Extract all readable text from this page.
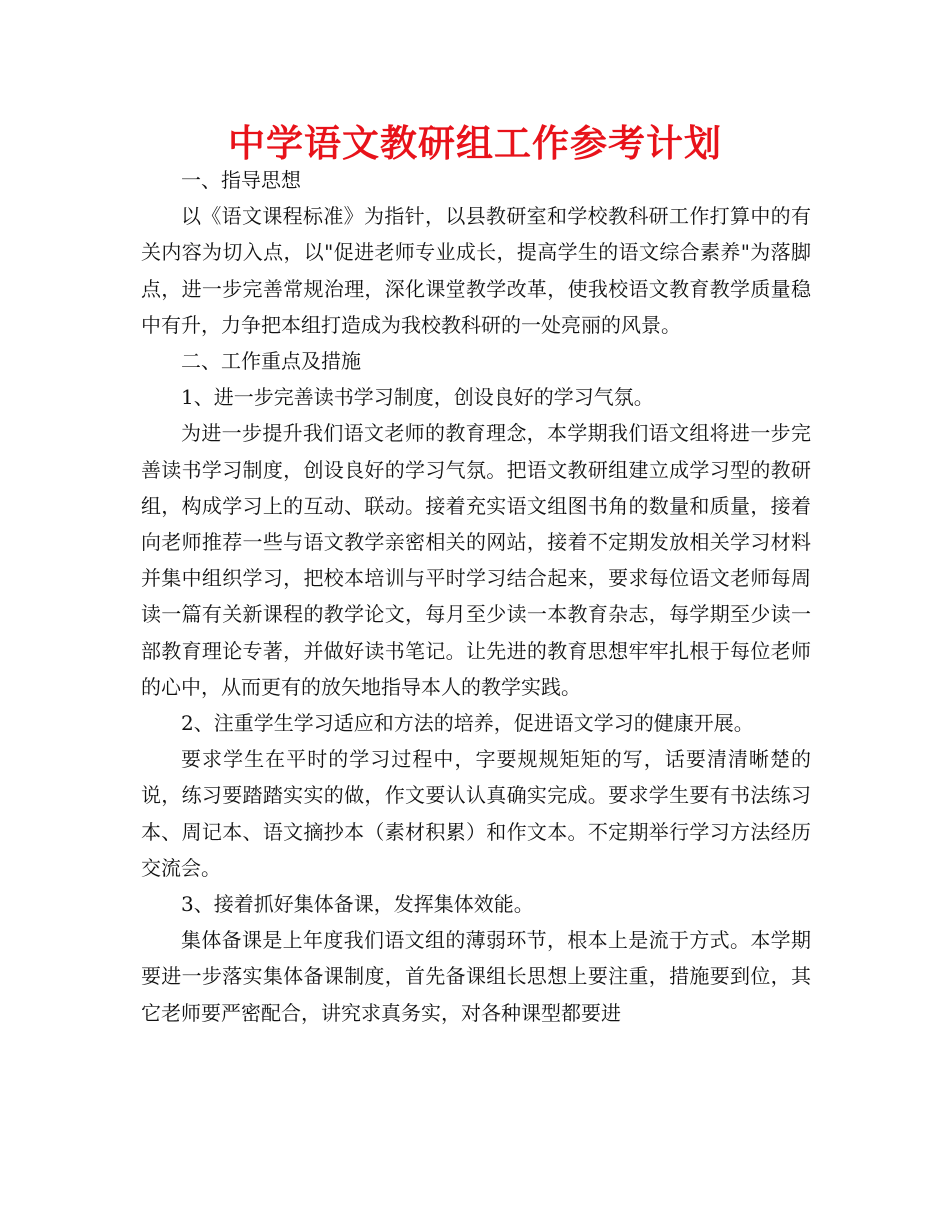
中学语文教研组工作参考计划

一、指导思想

以《语文课程标准》为指针，以县教研室和学校教科研工作打算中的有关内容为切入点，以"促进老师专业成长，提高学生的语文综合素养"为落脚点，进一步完善常规治理，深化课堂教学改革，使我校语文教育教学质量稳中有升，力争把本组打造成为我校教科研的一处亮丽的风景。

二、工作重点及措施

1、进一步完善读书学习制度，创设良好的学习气氛。

为进一步提升我们语文老师的教育理念，本学期我们语文组将进一步完善读书学习制度，创设良好的学习气氛。把语文教研组建立成学习型的教研组，构成学习上的互动、联动。接着充实语文组图书角的数量和质量，接着向老师推荐一些与语文教学亲密相关的网站，接着不定期发放相关学习材料并集中组织学习，把校本培训与平时学习结合起来，要求每位语文老师每周读一篇有关新课程的教学论文，每月至少读一本教育杂志，每学期至少读一部教育理论专著，并做好读书笔记。让先进的教育思想牢牢扎根于每位老师的心中，从而更有的放矢地指导本人的教学实践。

2、注重学生学习适应和方法的培养，促进语文学习的健康开展。

要求学生在平时的学习过程中，字要规规矩矩的写，话要清清晰楚的说，练习要踏踏实实的做，作文要认认真确实完成。要求学生要有书法练习本、周记本、语文摘抄本（素材积累）和作文本。不定期举行学习方法经历交流会。

3、接着抓好集体备课，发挥集体效能。

集体备课是上年度我们语文组的薄弱环节，根本上是流于方式。本学期要进一步落实集体备课制度，首先备课组长思想上要注重，措施要到位，其它老师要严密配合，讲究求真务实，对各种课型都要进
